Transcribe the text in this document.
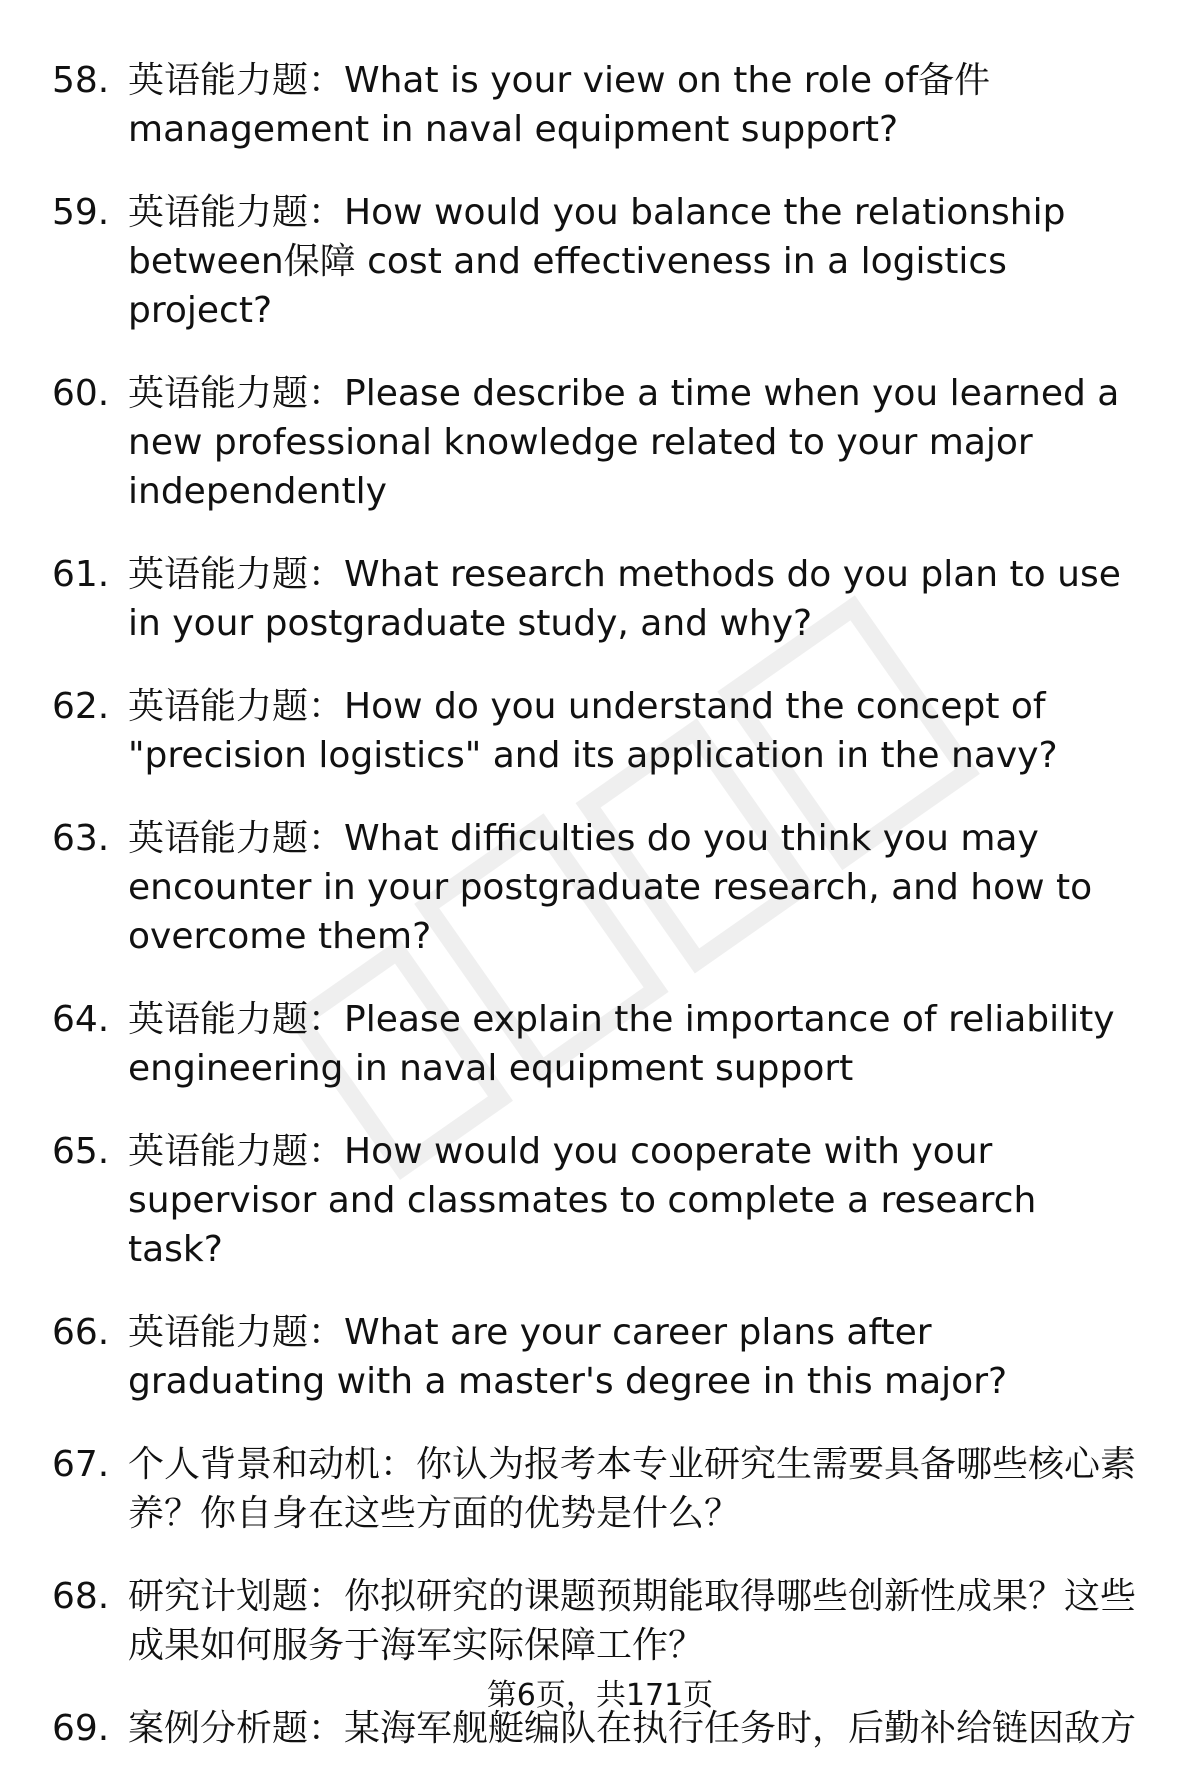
58. 英语能力题：What is your view on the role of备件 management in naval equipment support?
59. 英语能力题：How would you balance the relationship between保障 cost and effectiveness in a logistics project?
60. 英语能力题：Please describe a time when you learned a new professional knowledge related to your major independently
61. 英语能力题：What research methods do you plan to use in your postgraduate study, and why?
62. 英语能力题：How do you understand the concept of "precision logistics" and its application in the navy?
63. 英语能力题：What difficulties do you think you may encounter in your postgraduate research, and how to overcome them?
64. 英语能力题：Please explain the importance of reliability engineering in naval equipment support
65. 英语能力题：How would you cooperate with your supervisor and classmates to complete a research task?
66. 英语能力题：What are your career plans after graduating with a master's degree in this major?
67. 个人背景和动机：你认为报考本专业研究生需要具备哪些核心素养？你自身在这些方面的优势是什么？
68. 研究计划题：你拟研究的课题预期能取得哪些创新性成果？这些成果如何服务于海军实际保障工作？
69. 案例分析题：某海军舰艇编队在执行任务时，后勤补给链因敌方
第6页，共171页
